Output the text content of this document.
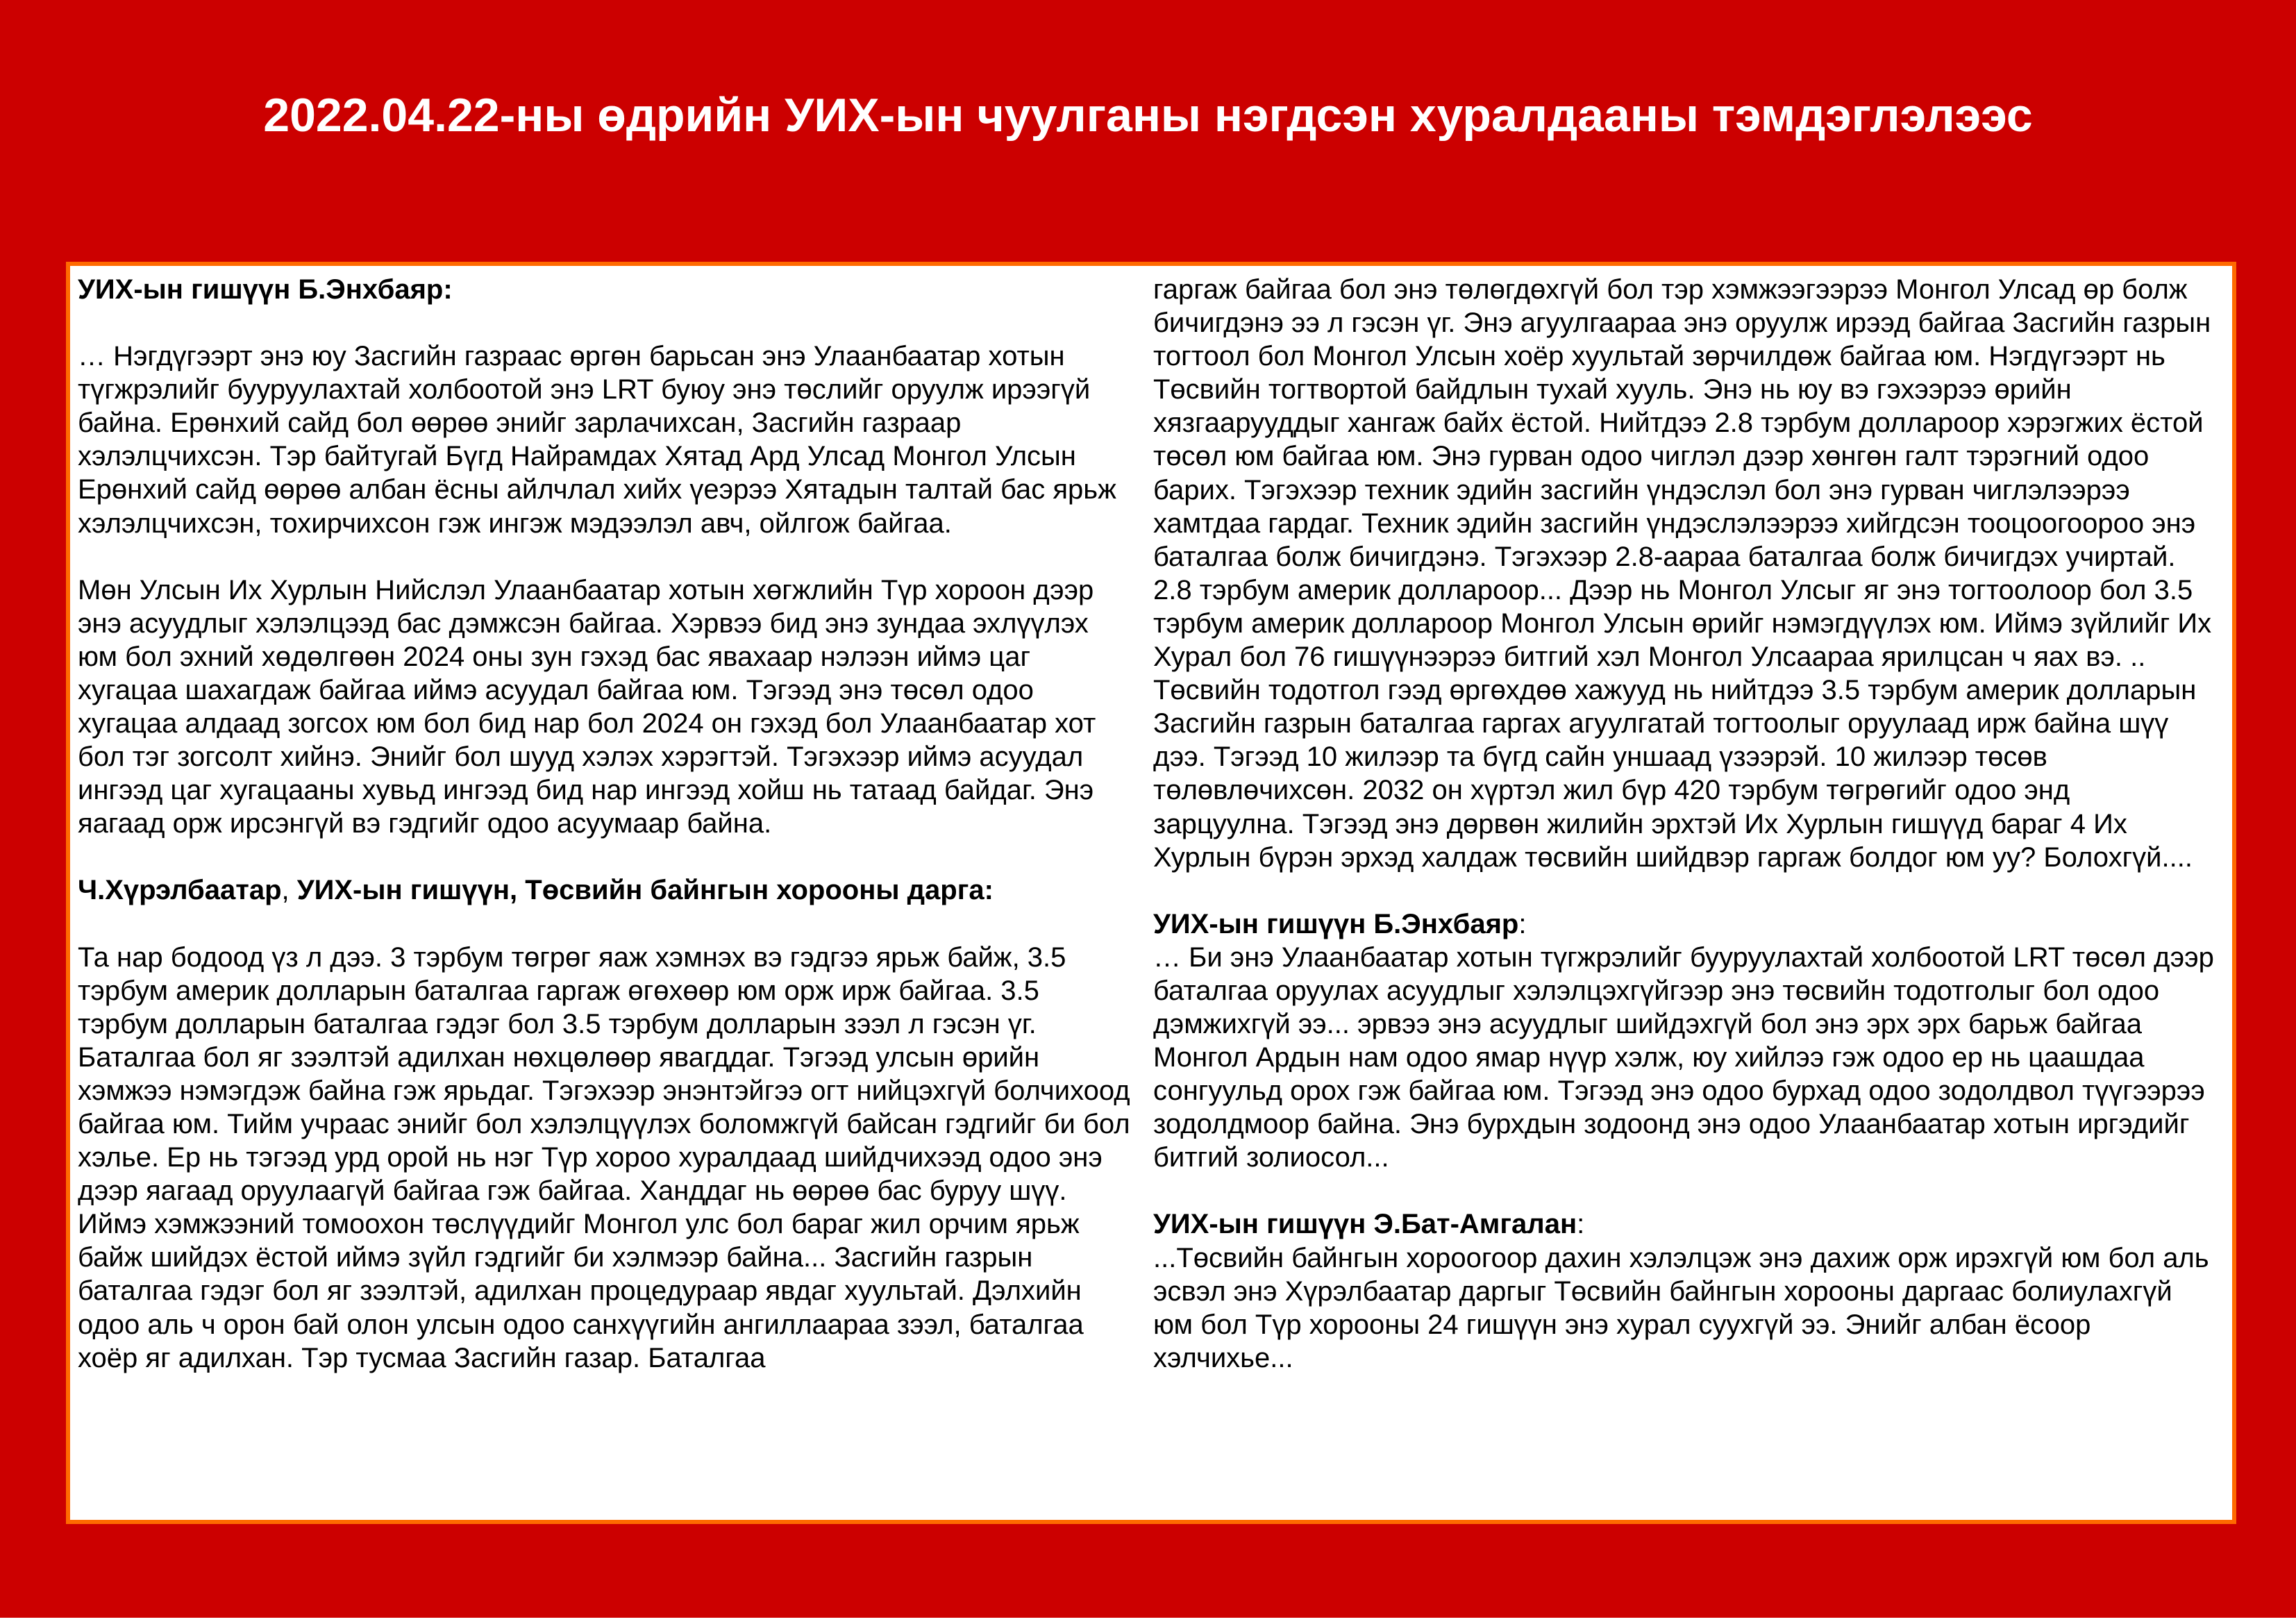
2022.04.22-ны өдрийн УИХ-ын чуулганы нэгдсэн хуралдааны тэмдэглэлээс

УИХ-ын гишүүн Б.Энхбаяр:

… Нэгдүгээрт энэ юу Засгийн газраас өргөн барьсан энэ Улаанбаатар хотын түгжрэлийг бууруулахтай холбоотой энэ LRT буюу энэ төслийг оруулж ирээгүй байна. Ерөнхий сайд бол өөрөө энийг зарлачихсан, Засгийн газраар хэлэлцчихсэн. Тэр байтугай Бүгд Найрамдах Хятад Ард Улсад Монгол Улсын Ерөнхий сайд өөрөө албан ёсны айлчлал хийх үеэрээ Хятадын талтай бас ярьж хэлэлцчихсэн, тохирчихсон гэж ингэж мэдээлэл авч, ойлгож байгаа.

Мөн Улсын Их Хурлын Нийслэл Улаанбаатар хотын хөгжлийн Түр хороон дээр энэ асуудлыг хэлэлцээд бас дэмжсэн байгаа. Хэрвээ бид энэ зундаа эхлүүлэх юм бол эхний хөдөлгөөн 2024 оны зун гэхэд бас явахаар нэлээн иймэ цаг хугацаа шахагдаж байгаа иймэ асуудал байгаа юм. Тэгээд энэ төсөл одоо хугацаа алдаад зогсох юм бол бид нар бол 2024 он гэхэд бол Улаанбаатар хот бол тэг зогсолт хийнэ. Энийг бол шууд хэлэх хэрэгтэй. Тэгэхээр иймэ асуудал ингээд цаг хугацааны хувьд ингээд бид нар ингээд хойш нь татаад байдаг. Энэ яагаад орж ирсэнгүй вэ гэдгийг одоо асуумаар байна.

Ч.Хүрэлбаатар, УИХ-ын гишүүн, Төсвийн байнгын хорооны дарга:

Та нар бодоод үз л дээ. 3 тэрбум төгрөг яаж хэмнэх вэ гэдгээ ярьж байж, 3.5 тэрбум америк долларын баталгаа гаргаж өгөхөөр юм орж ирж байгаа. 3.5 тэрбум долларын баталгаа гэдэг бол 3.5 тэрбум долларын зээл л гэсэн үг. Баталгаа бол яг зээлтэй адилхан нөхцөлөөр явагддаг. Тэгээд улсын өрийн хэмжээ нэмэгдэж байна гэж ярьдаг. Тэгэхээр энэнтэйгээ огт нийцэхгүй болчихоод байгаа юм. Тийм учраас энийг бол хэлэлцүүлэх боломжгүй байсан гэдгийг би бол хэлье. Ер нь тэгээд урд орой нь нэг Түр хороо хуралдаад шийдчихээд одоо энэ дээр яагаад оруулаагүй байгаа гэж байгаа. Ханддаг нь өөрөө бас буруу шүү. Иймэ хэмжээний томоохон төслүүдийг Монгол улс бол бараг жил орчим ярьж байж шийдэх ёстой иймэ зүйл гэдгийг би хэлмээр байна... Засгийн газрын баталгаа гэдэг бол яг зээлтэй, адилхан процедураар явдаг хуультай. Дэлхийн одоо аль ч орон бай олон улсын одоо санхүүгийн ангиллаараа зээл, баталгаа хоёр яг адилхан. Тэр тусмаа Засгийн газар. Баталгаа

гаргаж байгаа бол энэ төлөгдөхгүй бол тэр хэмжээгээрээ Монгол Улсад өр болж бичигдэнэ ээ л гэсэн үг. Энэ агуулгаараа энэ оруулж ирээд байгаа Засгийн газрын тогтоол бол Монгол Улсын хоёр хуультай зөрчилдөж байгаа юм. Нэгдүгээрт нь Төсвийн тогтвортой байдлын тухай хууль. Энэ нь юу вэ гэхээрээ өрийн хязгаарууддыг хангаж байх ёстой. Нийтдээ 2.8 тэрбум доллароор хэрэгжих ёстой төсөл юм байгаа юм. Энэ гурван одоо чиглэл дээр хөнгөн галт тэрэгний одоо барих. Тэгэхээр техник эдийн засгийн үндэслэл бол энэ гурван чиглэлээрээ хамтдаа гардаг. Техник эдийн засгийн үндэслэлээрээ хийгдсэн тооцоогоороо энэ баталгаа болж бичигдэнэ. Тэгэхээр 2.8-аараа баталгаа болж бичигдэх учиртай. 2.8 тэрбум америк доллароор... Дээр нь Монгол Улсыг яг энэ тогтоолоор бол 3.5 тэрбум америк доллароор Монгол Улсын өрийг нэмэгдүүлэх юм. Иймэ зүйлийг Их Хурал бол 76 гишүүнээрээ битгий хэл Монгол Улсаараа ярилцсан ч яах вэ. .. Төсвийн тодотгол гээд өргөхдөө хажууд нь нийтдээ 3.5 тэрбум америк долларын Засгийн газрын баталгаа гаргах агуулгатай тогтоолыг оруулаад ирж байна шүү дээ. Тэгээд 10 жилээр та бүгд сайн уншаад үзээрэй. 10 жилээр төсөв төлөвлөчихсөн. 2032 он хүртэл жил бүр 420 тэрбум төгрөгийг одоо энд зарцуулна. Тэгээд энэ дөрвөн жилийн эрхтэй Их Хурлын гишүүд бараг 4 Их Хурлын бүрэн эрхэд халдаж төсвийн шийдвэр гаргаж болдог юм уу? Болохгүй....

УИХ-ын гишүүн Б.Энхбаяр:

… Би энэ Улаанбаатар хотын түгжрэлийг бууруулахтай холбоотой LRT төсөл дээр баталгаа оруулах асуудлыг хэлэлцэхгүйгээр энэ төсвийн тодотголыг бол одоо дэмжихгүй ээ... эрвээ энэ асуудлыг шийдэхгүй бол энэ эрх эрх барьж байгаа Монгол Ардын нам одоо ямар нүүр хэлж, юу хийлээ гэж одоо ер нь цаашдаа сонгуульд орох гэж байгаа юм. Тэгээд энэ одоо бурхад одоо зодолдвол түүгээрээ зодолдмоор байна. Энэ бурхдын зодоонд энэ одоо Улаанбаатар хотын иргэдийг битгий золиосол...

УИХ-ын гишүүн Э.Бат-Амгалан:

...Төсвийн байнгын хороогоор дахин хэлэлцэж энэ дахиж орж ирэхгүй юм бол аль эсвэл энэ Хүрэлбаатар даргыг Төсвийн байнгын хорооны даргаас болиулахгүй юм бол Түр хорооны 24 гишүүн энэ хурал суухгүй ээ. Энийг албан ёсоор хэлчихье...
